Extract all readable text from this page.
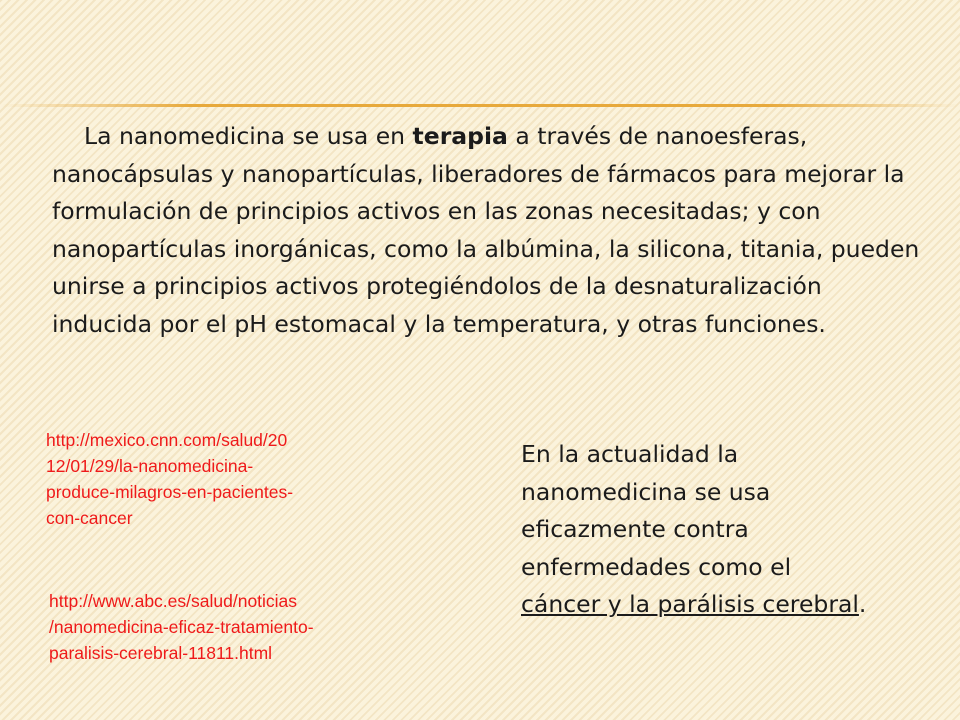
La nanomedicina se usa en terapia a través de nanoesferas, nanocápsulas y nanopartículas, liberadores de fármacos para mejorar la formulación de principios activos en las zonas necesitadas; y con nanopartículas inorgánicas, como la albúmina, la silicona, titania, pueden unirse a principios activos protegiéndolos de la desnaturalización inducida por el pH estomacal y la temperatura, y otras funciones.

http://mexico.cnn.com/salud/20
12/01/29/la-nanomedicina-
produce-milagros-en-pacientes-
con-cancer
http://www.abc.es/salud/noticias
/nanomedicina-eficaz-tratamiento-
paralisis-cerebral-11811.html
En la actualidad la
nanomedicina se usa
eficazmente contra
enfermedades como el
cáncer y la parálisis cerebral.
